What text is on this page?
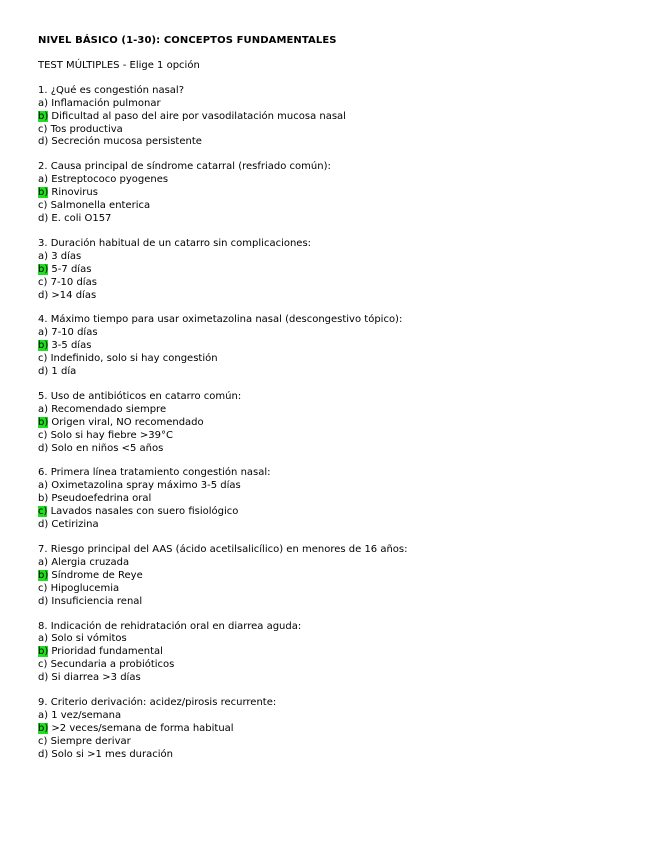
NIVEL BÁSICO (1-30): CONCEPTOS FUNDAMENTALES
TEST MÚLTIPLES - Elige 1 opción
1. ¿Qué es congestión nasal?
a) Inflamación pulmonar
b) Dificultad al paso del aire por vasodilatación mucosa nasal
c) Tos productiva
d) Secreción mucosa persistente
2. Causa principal de síndrome catarral (resfriado común):
a) Estreptococo pyogenes
b) Rinovirus
c) Salmonella enterica
d) E. coli O157
3. Duración habitual de un catarro sin complicaciones:
a) 3 días
b) 5-7 días
c) 7-10 días
d) >14 días
4. Máximo tiempo para usar oximetazolina nasal (descongestivo tópico):
a) 7-10 días
b) 3-5 días
c) Indefinido, solo si hay congestión
d) 1 día
5. Uso de antibióticos en catarro común:
a) Recomendado siempre
b) Origen viral, NO recomendado
c) Solo si hay fiebre >39°C
d) Solo en niños <5 años
6. Primera línea tratamiento congestión nasal:
a) Oximetazolina spray máximo 3-5 días
b) Pseudoefedrina oral
c) Lavados nasales con suero fisiológico
d) Cetirizina
7. Riesgo principal del AAS (ácido acetilsalicílico) en menores de 16 años:
a) Alergia cruzada
b) Síndrome de Reye
c) Hipoglucemia
d) Insuficiencia renal
8. Indicación de rehidratación oral en diarrea aguda:
a) Solo si vómitos
b) Prioridad fundamental
c) Secundaria a probióticos
d) Si diarrea >3 días
9. Criterio derivación: acidez/pirosis recurrente:
a) 1 vez/semana
b) >2 veces/semana de forma habitual
c) Siempre derivar
d) Solo si >1 mes duración
